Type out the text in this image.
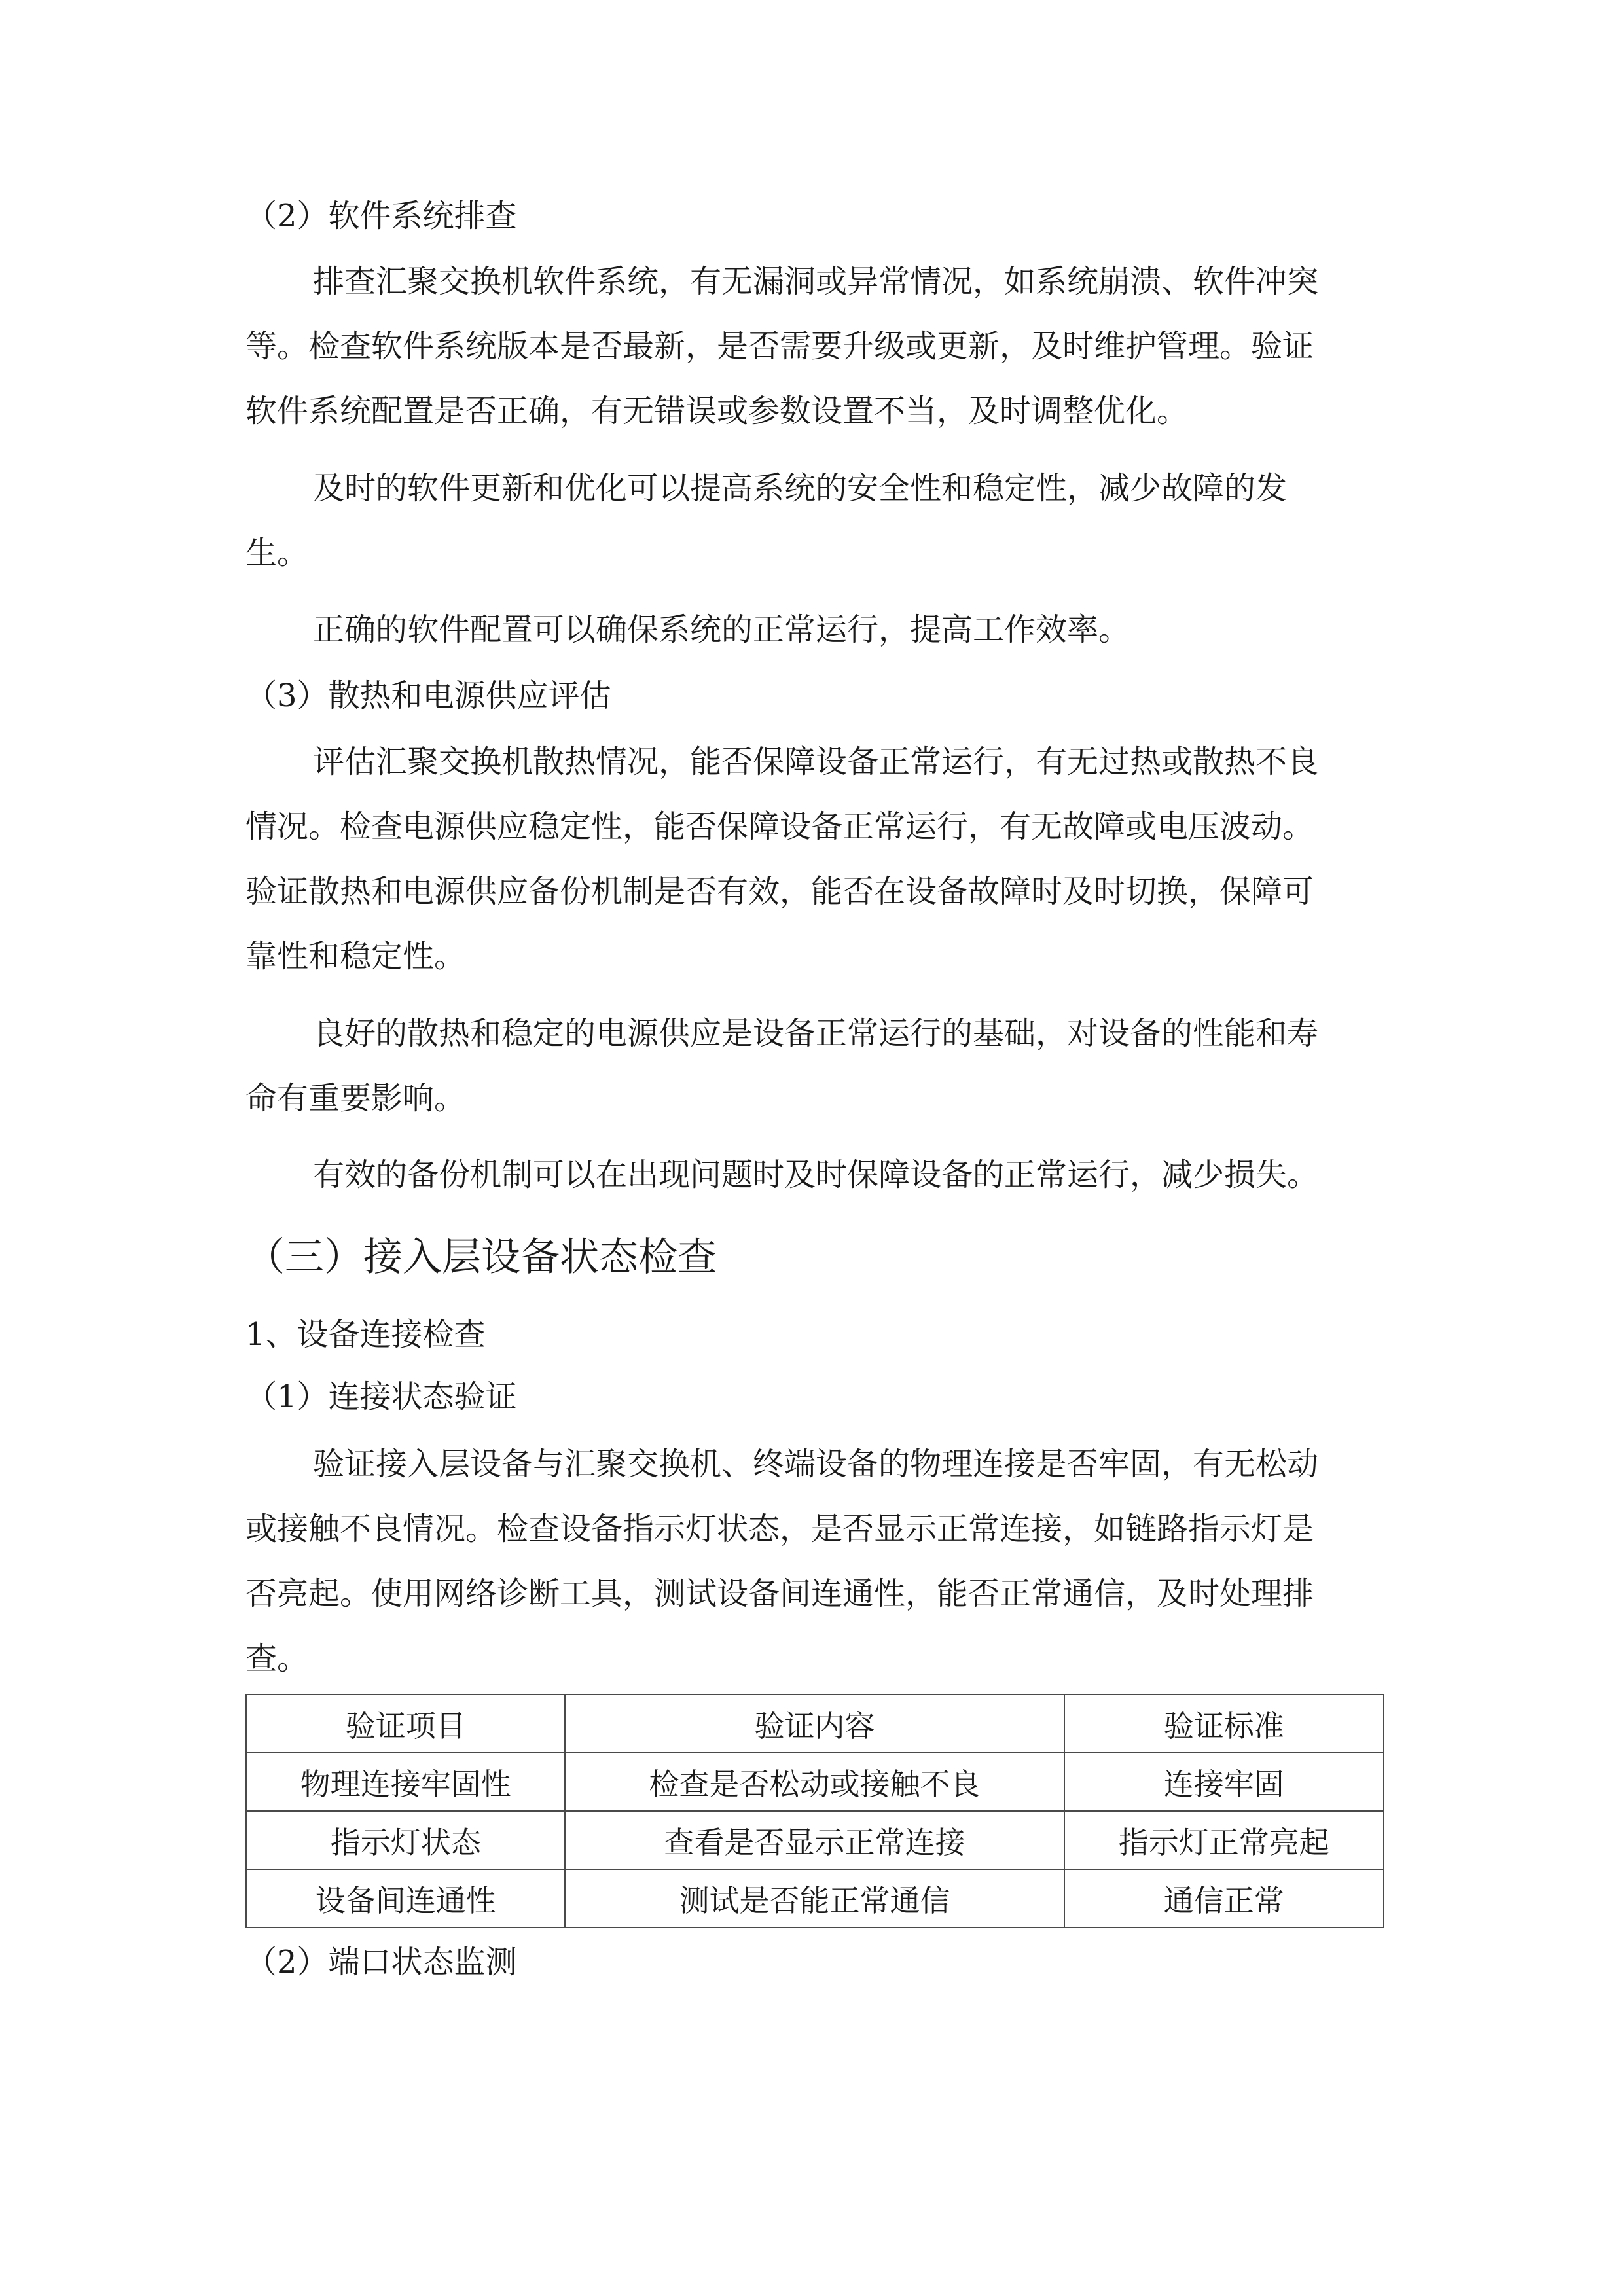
（2）软件系统排查

排查汇聚交换机软件系统，有无漏洞或异常情况，如系统崩溃、软件冲突

等。检查软件系统版本是否最新，是否需要升级或更新，及时维护管理。验证

软件系统配置是否正确，有无错误或参数设置不当，及时调整优化。

及时的软件更新和优化可以提高系统的安全性和稳定性，减少故障的发

生。

正确的软件配置可以确保系统的正常运行，提高工作效率。

（3）散热和电源供应评估

评估汇聚交换机散热情况，能否保障设备正常运行，有无过热或散热不良

情况。检查电源供应稳定性，能否保障设备正常运行，有无故障或电压波动。

验证散热和电源供应备份机制是否有效，能否在设备故障时及时切换，保障可

靠性和稳定性。

良好的散热和稳定的电源供应是设备正常运行的基础，对设备的性能和寿

命有重要影响。

有效的备份机制可以在出现问题时及时保障设备的正常运行，减少损失。

（三）接入层设备状态检查

1、设备连接检查

（1）连接状态验证

验证接入层设备与汇聚交换机、终端设备的物理连接是否牢固，有无松动

或接触不良情况。检查设备指示灯状态，是否显示正常连接，如链路指示灯是

否亮起。使用网络诊断工具，测试设备间连通性，能否正常通信，及时处理排

查。

验证项目	验证内容	验证标准
物理连接牢固性	检查是否松动或接触不良	连接牢固
指示灯状态	查看是否显示正常连接	指示灯正常亮起
设备间连通性	测试是否能正常通信	通信正常

（2）端口状态监测
